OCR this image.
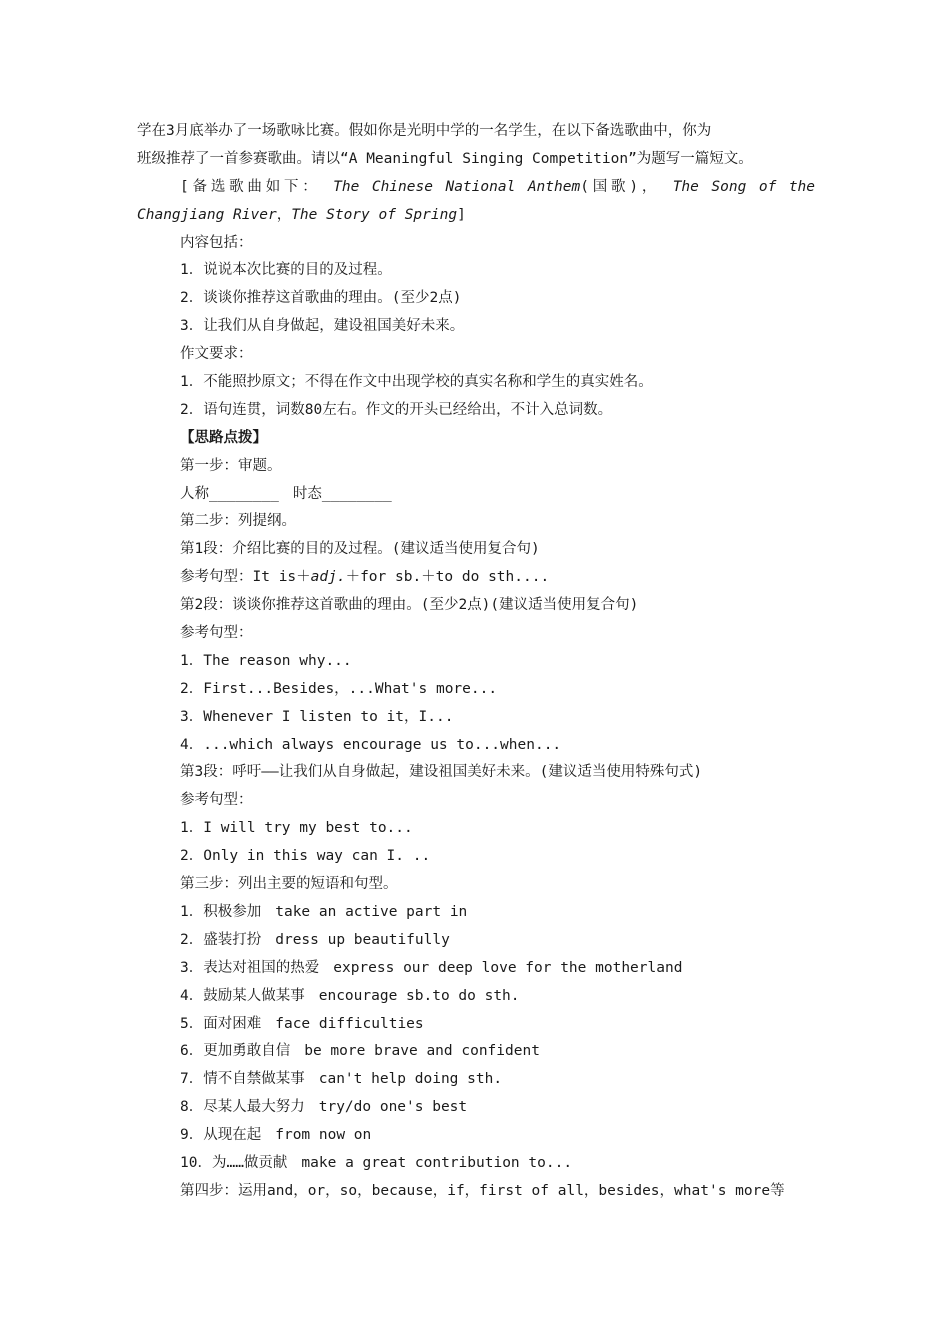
学在3月底举办了一场歌咏比赛。假如你是光明中学的一名学生，在以下备选歌曲中，你为
班级推荐了一首参赛歌曲。请以“A Meaningful Singing Competition”为题写一篇短文。
[备选歌曲如下： The Chinese National Anthem(国歌)， The Song of the
Changjiang River，The Story of Spring]
内容包括：
1．说说本次比赛的目的及过程。
2．谈谈你推荐这首歌曲的理由。(至少2点)
3．让我们从自身做起，建设祖国美好未来。
作文要求：
1．不能照抄原文；不得在作文中出现学校的真实名称和学生的真实姓名。
2．语句连贯，词数80左右。作文的开头已经给出，不计入总词数。
【思路点拨】
第一步：审题。
人称________ 时态________
第二步：列提纲。
第1段：介绍比赛的目的及过程。(建议适当使用复合句)
参考句型：It is＋adj.＋for sb.＋to do sth....
第2段：谈谈你推荐这首歌曲的理由。(至少2点)(建议适当使用复合句)
参考句型：
1．The reason why...
2．First...Besides，...What's more...
3．Whenever I listen to it，I...
4．...which always encourage us to...when...
第3段：呼吁——让我们从自身做起，建设祖国美好未来。(建议适当使用特殊句式)
参考句型：
1．I will try my best to...
2．Only in this way can I. ..
第三步：列出主要的短语和句型。
1．积极参加 take an active part in
2．盛装打扮 dress up beautifully
3．表达对祖国的热爱 express our deep love for the motherland
4．鼓励某人做某事 encourage sb.to do sth.
5．面对困难 face difficulties
6．更加勇敢自信 be more brave and confident
7．情不自禁做某事 can't help doing sth.
8．尽某人最大努力 try/do one's best
9．从现在起 from now on
10．为……做贡献 make a great contribution to...
第四步：运用and，or，so，because，if，first of all，besides，what's more等
